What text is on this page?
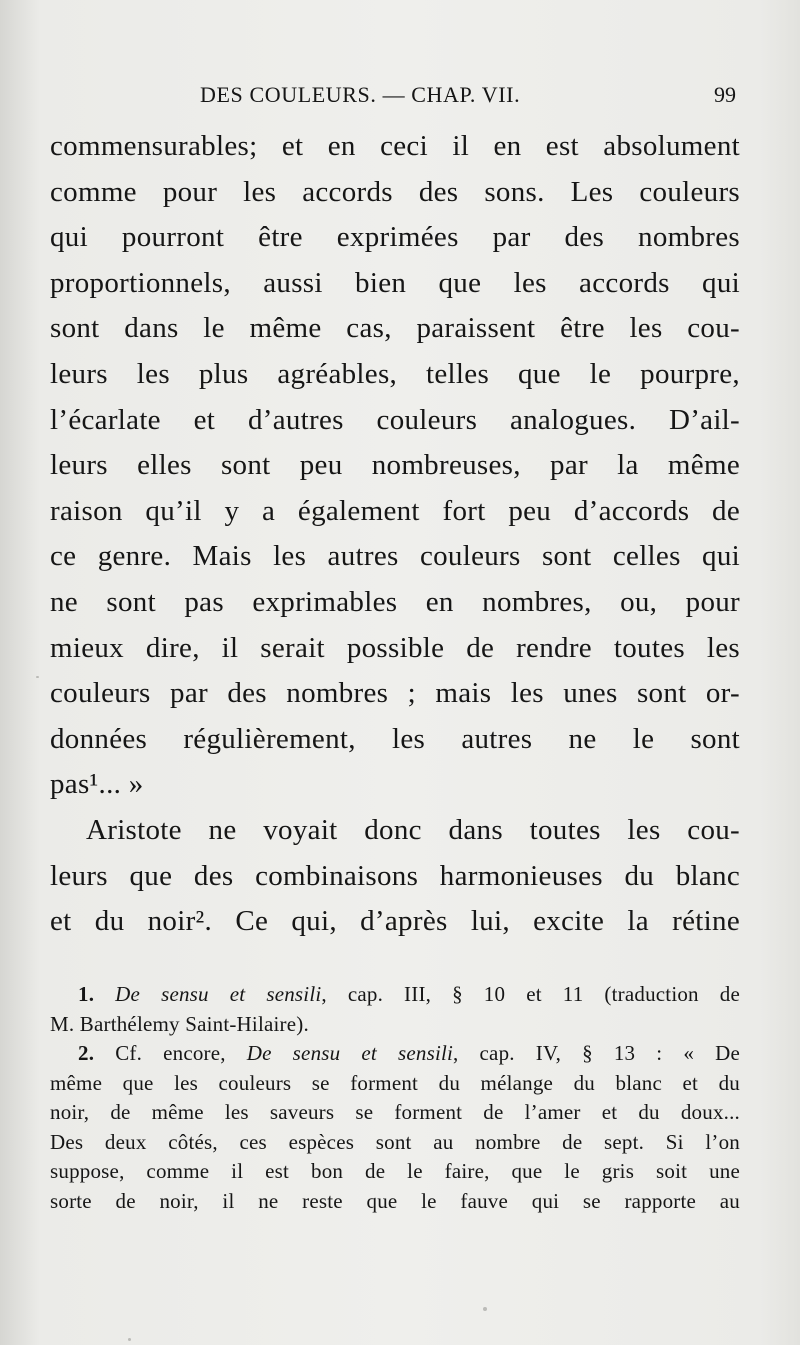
DES COULEURS. — CHAP. VII.	99
commensurables; et en ceci il en est absolument
comme pour les accords des sons. Les couleurs
qui pourront être exprimées par des nombres
proportionnels, aussi bien que les accords qui
sont dans le même cas, paraissent être les cou-
leurs les plus agréables, telles que le pourpre,
l’écarlate et d’autres couleurs analogues. D’ail-
leurs elles sont peu nombreuses, par la même
raison qu’il y a également fort peu d’accords de
ce genre. Mais les autres couleurs sont celles qui
ne sont pas exprimables en nombres, ou, pour
mieux dire, il serait possible de rendre toutes les
couleurs par des nombres ; mais les unes sont or-
données régulièrement, les autres ne le sont
pas¹... »
Aristote ne voyait donc dans toutes les cou-
leurs que des combinaisons harmonieuses du blanc
et du noir². Ce qui, d’après lui, excite la rétine
1. De sensu et sensili, cap. III, § 10 et 11 (traduction de
M. Barthélemy Saint-Hilaire).
2. Cf. encore, De sensu et sensili, cap. IV, § 13 : « De
même que les couleurs se forment du mélange du blanc et du
noir, de même les saveurs se forment de l’amer et du doux...
Des deux côtés, ces espèces sont au nombre de sept. Si l’on
suppose, comme il est bon de le faire, que le gris soit une
sorte de noir, il ne reste que le fauve qui se rapporte au
